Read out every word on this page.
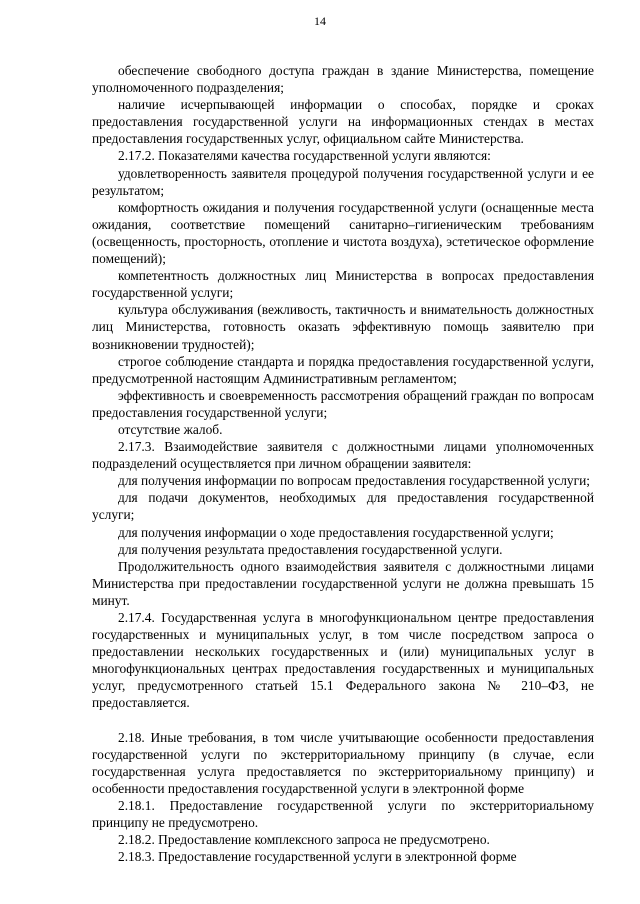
14

обеспечение свободного доступа граждан в здание Министерства, помещение уполномоченного подразделения;

наличие исчерпывающей информации о способах, порядке и сроках предоставления государственной услуги на информационных стендах в местах предоставления государственных услуг, официальном сайте Министерства.

2.17.2. Показателями качества государственной услуги являются:

удовлетворенность заявителя процедурой получения государственной услуги и ее результатом;

комфортность ожидания и получения государственной услуги (оснащенные места ожидания, соответствие помещений санитарно–гигиеническим требованиям (освещенность, просторность, отопление и чистота воздуха), эстетическое оформление помещений);

компетентность должностных лиц Министерства в вопросах предоставления государственной услуги;

культура обслуживания (вежливость, тактичность и внимательность должностных лиц Министерства, готовность оказать эффективную помощь заявителю при возникновении трудностей);

строгое соблюдение стандарта и порядка предоставления государственной услуги, предусмотренной настоящим Административным регламентом;

эффективность и своевременность рассмотрения обращений граждан по вопросам предоставления государственной услуги;

отсутствие жалоб.

2.17.3. Взаимодействие заявителя с должностными лицами уполномоченных подразделений осуществляется при личном обращении заявителя:

для получения информации по вопросам предоставления государственной услуги;

для подачи документов, необходимых для предоставления государственной услуги;

для получения информации о ходе предоставления государственной услуги;

для получения результата предоставления государственной услуги.

Продолжительность одного взаимодействия заявителя с должностными лицами Министерства при предоставлении государственной услуги не должна превышать 15 минут.

2.17.4. Государственная услуга в многофункциональном центре предоставления государственных и муниципальных услуг, в том числе посредством запроса о предоставлении нескольких государственных и (или) муниципальных услуг в многофункциональных центрах предоставления государственных и муниципальных услуг, предусмотренного статьей 15.1 Федерального закона № 210–ФЗ, не предоставляется.

2.18. Иные требования, в том числе учитывающие особенности предоставления государственной услуги по экстерриториальному принципу (в случае, если государственная услуга предоставляется по экстерриториальному принципу) и особенности предоставления государственной услуги в электронной форме

2.18.1. Предоставление государственной услуги по экстерриториальному принципу не предусмотрено.

2.18.2. Предоставление комплексного запроса не предусмотрено.

2.18.3. Предоставление государственной услуги в электронной форме
